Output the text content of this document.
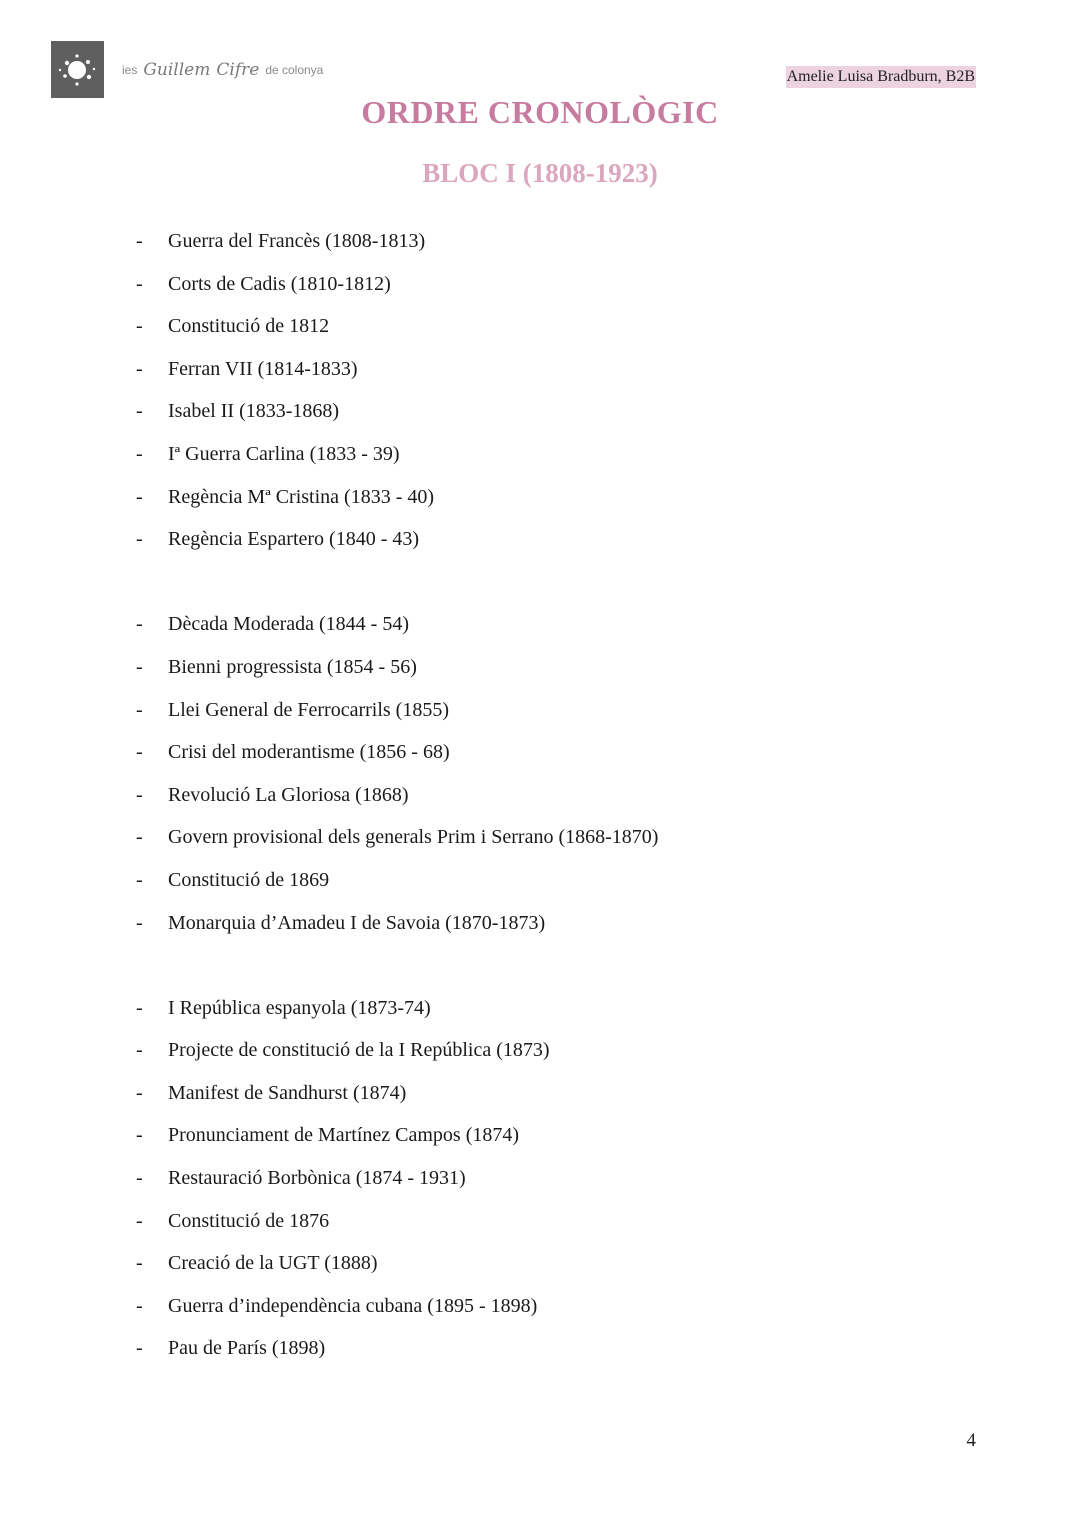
ies Guillem Cifre de colonya	Amelie Luisa Bradburn, B2B
ORDRE CRONOLÒGIC
BLOC I (1808-1923)
- Guerra del Francès (1808-1813)
- Corts de Cadis (1810-1812)
- Constitució de 1812
- Ferran VII (1814-1833)
- Isabel II (1833-1868)
- Iª Guerra Carlina (1833 - 39)
- Regència Mª Cristina (1833 - 40)
- Regència Espartero (1840 - 43)
- Dècada Moderada (1844 - 54)
- Bienni progressista (1854 - 56)
- Llei General de Ferrocarrils (1855)
- Crisi del moderantisme (1856 - 68)
- Revolució La Gloriosa (1868)
- Govern provisional dels generals Prim i Serrano (1868-1870)
- Constitució de 1869
- Monarquia d’Amadeu I de Savoia (1870-1873)
- I República espanyola (1873-74)
- Projecte de constitució de la I República (1873)
- Manifest de Sandhurst (1874)
- Pronunciament de Martínez Campos (1874)
- Restauració Borbònica (1874 - 1931)
- Constitució de 1876
- Creació de la UGT (1888)
- Guerra d’independència cubana (1895 - 1898)
- Pau de París (1898)
4
